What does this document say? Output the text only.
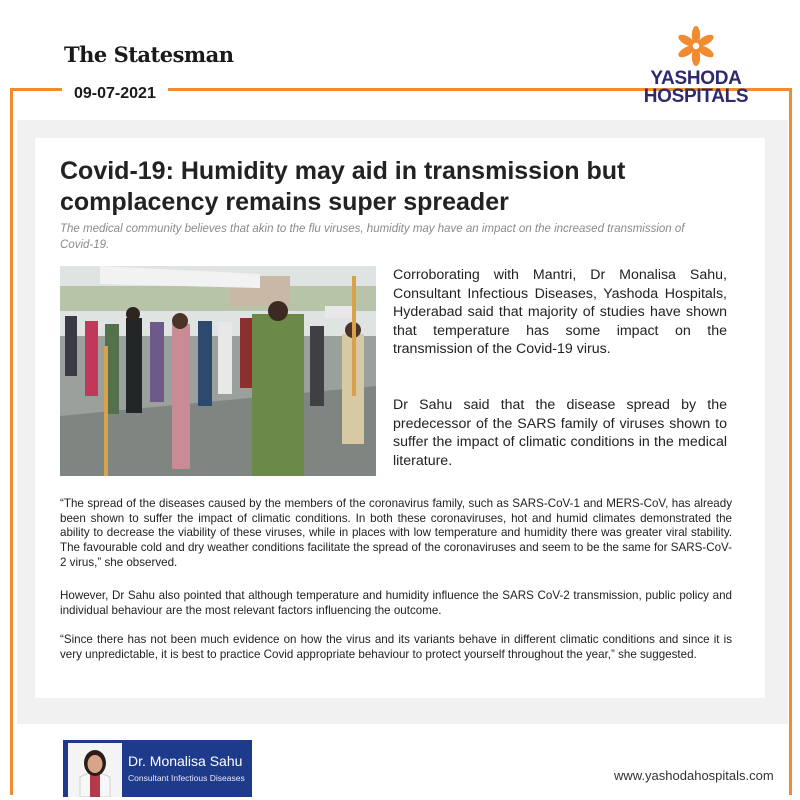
The Statesman
09-07-2021
YASHODA
HOSPITALS
Covid-19: Humidity may aid in transmission but complacency remains super spreader

The medical community believes that akin to the flu viruses, humidity may have an impact on the increased transmission of Covid-19.

Corroborating with Mantri, Dr Monalisa Sahu, Consultant Infectious Diseases, Yashoda Hospitals, Hyderabad said that majority of studies have shown that temperature has some impact on the transmission of the Covid-19 virus.

Dr Sahu said that the disease spread by the predecessor of the SARS family of viruses shown to suffer the impact of climatic conditions in the medical literature.

“The spread of the diseases caused by the members of the coronavirus family, such as SARS-CoV-1 and MERS-CoV, has already been shown to suffer the impact of climatic conditions. In both these coronaviruses, hot and humid climates demonstrated the ability to decrease the viability of these viruses, while in places with low temperature and humidity there was greater viral stability. The favourable cold and dry weather conditions facilitate the spread of the coronaviruses and seem to be the same for SARS-CoV-2 virus,” she observed.

However, Dr Sahu also pointed that although temperature and humidity influence the SARS CoV-2 transmission, public policy and individual behaviour are the most relevant factors influencing the outcome.

“Since there has not been much evidence on how the virus and its variants behave in different climatic conditions and since it is very unpredictable, it is best to practice Covid appropriate behaviour to protect yourself throughout the year,” she suggested.

Dr. Monalisa Sahu
Consultant Infectious Diseases	www.yashodahospitals.com
